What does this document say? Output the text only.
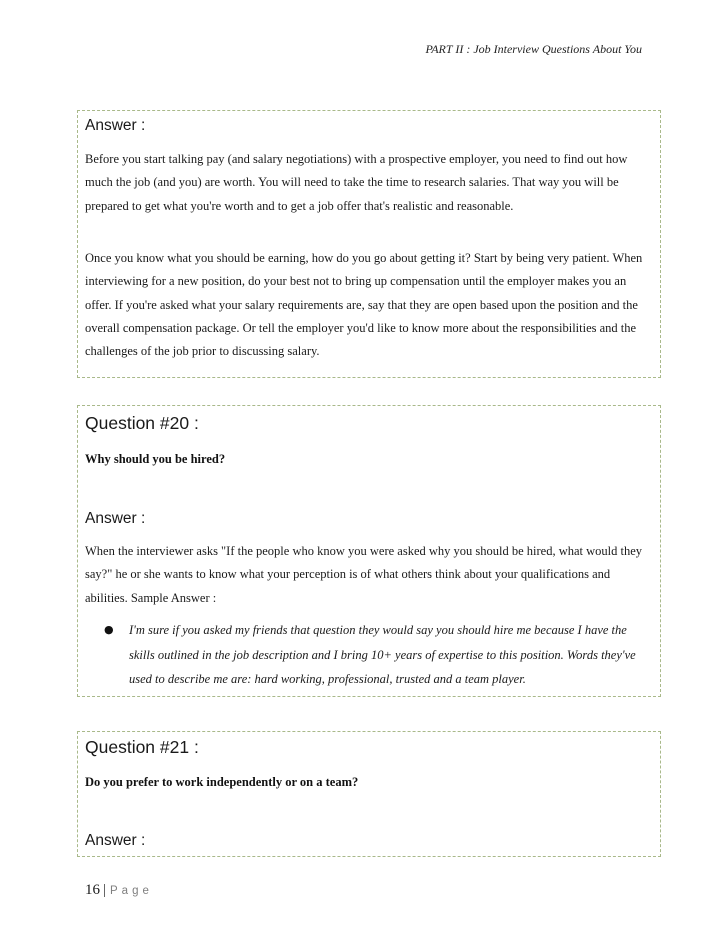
PART II : Job Interview Questions About You
Answer :

Before you start talking pay (and salary negotiations) with a prospective employer, you need to find out how much the job (and you) are worth. You will need to take the time to research salaries. That way you will be prepared to get what you're worth and to get a job offer that's realistic and reasonable.

Once you know what you should be earning, how do you go about getting it? Start by being very patient. When interviewing for a new position, do your best not to bring up compensation until the employer makes you an offer. If you're asked what your salary requirements are, say that they are open based upon the position and the overall compensation package. Or tell the employer you'd like to know more about the responsibilities and the challenges of the job prior to discussing salary.

Question #20 :
Why should you be hired?
Answer :

When the interviewer asks "If the people who know you were asked why you should be hired, what would they say?" he or she wants to know what your perception is of what others think about your qualifications and abilities. Sample Answer :

● I'm sure if you asked my friends that question they would say you should hire me because I have the skills outlined in the job description and I bring 10+ years of expertise to this position. Words they've used to describe me are: hard working, professional, trusted and a team player.
Question #21 :
Do you prefer to work independently or on a team?
Answer :
16 | Page
